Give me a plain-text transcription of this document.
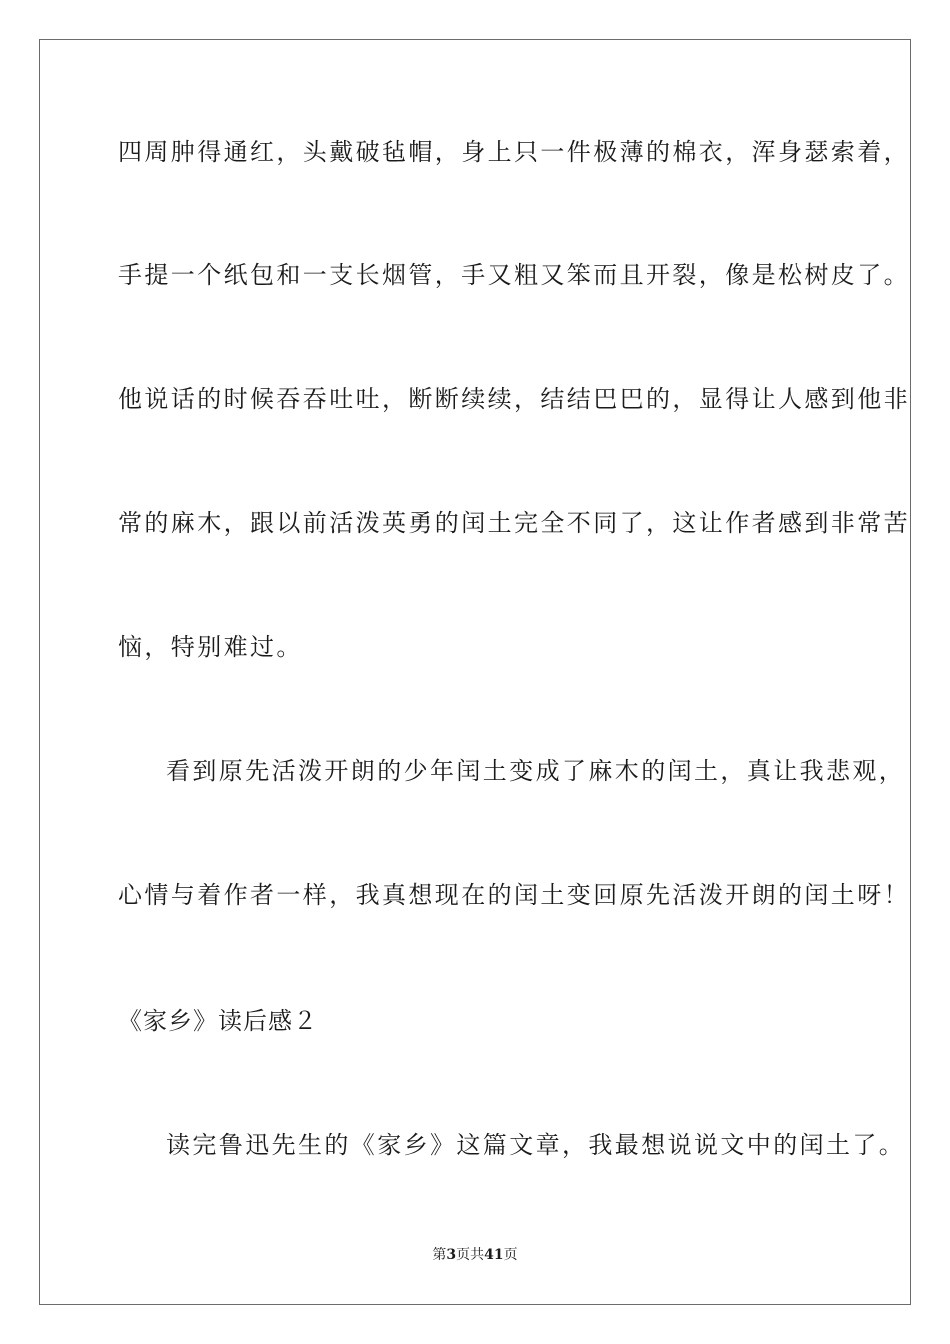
四周肿得通红，头戴破毡帽，身上只一件极薄的棉衣，浑身瑟索着，
手提一个纸包和一支长烟管，手又粗又笨而且开裂，像是松树皮了。
他说话的时候吞吞吐吐，断断续续，结结巴巴的，显得让人感到他非
常的麻木，跟以前活泼英勇的闰土完全不同了，这让作者感到非常苦
恼，特别难过。
看到原先活泼开朗的少年闰土变成了麻木的闰土，真让我悲观，
心情与着作者一样，我真想现在的闰土变回原先活泼开朗的闰土呀！
《家乡》读后感２
读完鲁迅先生的《家乡》这篇文章，我最想说说文中的闰土了。
第3页共41页
